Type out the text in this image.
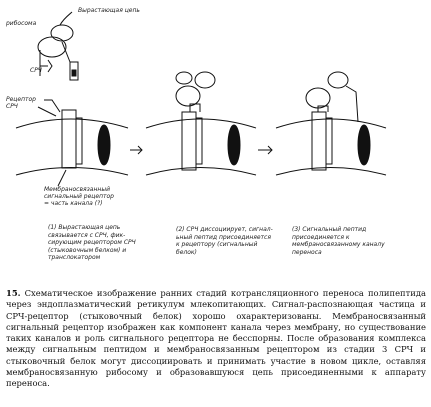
Вырастающая цепь
рибосома
СРЧ
Рецептор
СРЧ
Мембраносвязанный
сигнальный рецептор
= часть канала (?)
(1) Вырастающая цепь
связывается с СРЧ, фик-
сирующим рецептором СРЧ
(стыковочным белком) и
транслокатором
(2) СРЧ диссоциирует, сигнал-
ьный пептид присоединяется
к рецептору (сигнальный
белок)
(3) Сигнальный пептид
присоединяется к
мембраносвязанному каналу
переноса
15. Схематическое изображение ранних стадий котрансляционного переноса полипептида через эндоплазматический ретикулум млекопитающих. Сигнал-распознающая частица и СРЧ-рецептор (стыковочный белок) хорошо охарактеризованы. Мембраносвязанный сигнальный рецептор изображен как компонент канала через мембрану, но существование таких каналов и роль сигнального рецептора не бесспорны. После образования комплекса между сигнальным пептидом и мембраносвязанным рецептором из стадии 3 СРЧ и стыковочный белок могут диссоциировать и принимать участие в новом цикле, оставляя мембраносвязанную рибосому и образовавшуюся цепь присоединенными к аппарату переноса.
